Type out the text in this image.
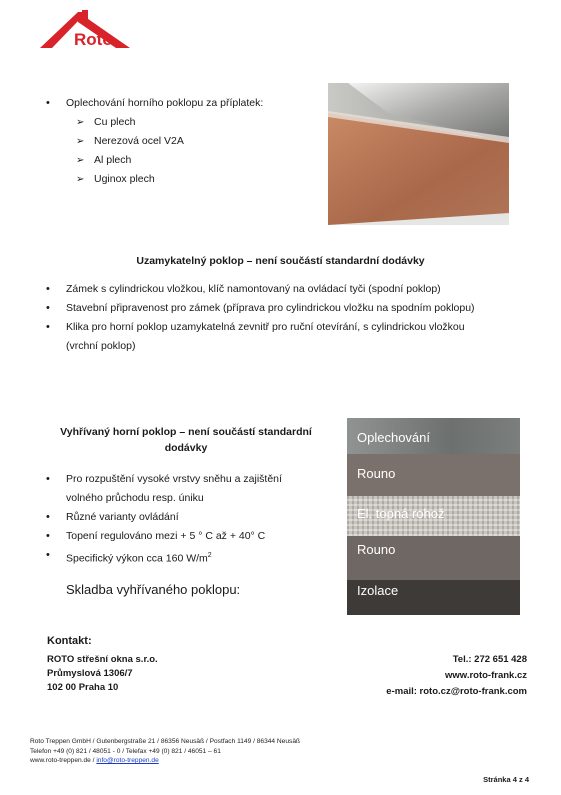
Roto
• Oplechování horního poklopu za příplatek:
➢ Cu plech
➢ Nerezová ocel V2A
➢ Al plech
➢ Uginox plech
Uzamykatelný poklop – není součástí standardní dodávky
• Zámek s cylindrickou vložkou, klíč namontovaný na ovládací tyči (spodní poklop)
• Stavební připravenost pro zámek (příprava pro cylindrickou vložku na spodním poklopu)
• Klika pro horní poklop uzamykatelná zevnitř pro ruční otevírání, s cylindrickou vložkou (vrchní poklop)
Vyhřívaný horní poklop – není součástí standardní dodávky
• Pro rozpuštění vysoké vrstvy sněhu a zajištění volného průchodu resp. úniku
• Různé varianty ovládání
• Topení regulováno mezi + 5 ° C až + 40° C
• Specifický výkon cca 160 $W/m^2$
Skladba vyhřívaného poklopu:
Oplechování
Rouno
El. topná rohož
Rouno
Izolace
Kontakt:
ROTO střešní okna s.r.o.
Průmyslová 1306/7
102 00 Praha 10
Tel.: 272 651 428
www.roto-frank.cz
e-mail: roto.cz@roto-frank.com
Roto Treppen GmbH / Gutenbergstraße 21 / 86356 Neusäß / Postfach 1149 / 86344 Neusäß
Telefon +49 (0) 821 / 48051 - 0 / Telefax +49 (0) 821 / 46051 – 61
www.roto-treppen.de / info@roto-treppen.de
Stránka 4 z 4
